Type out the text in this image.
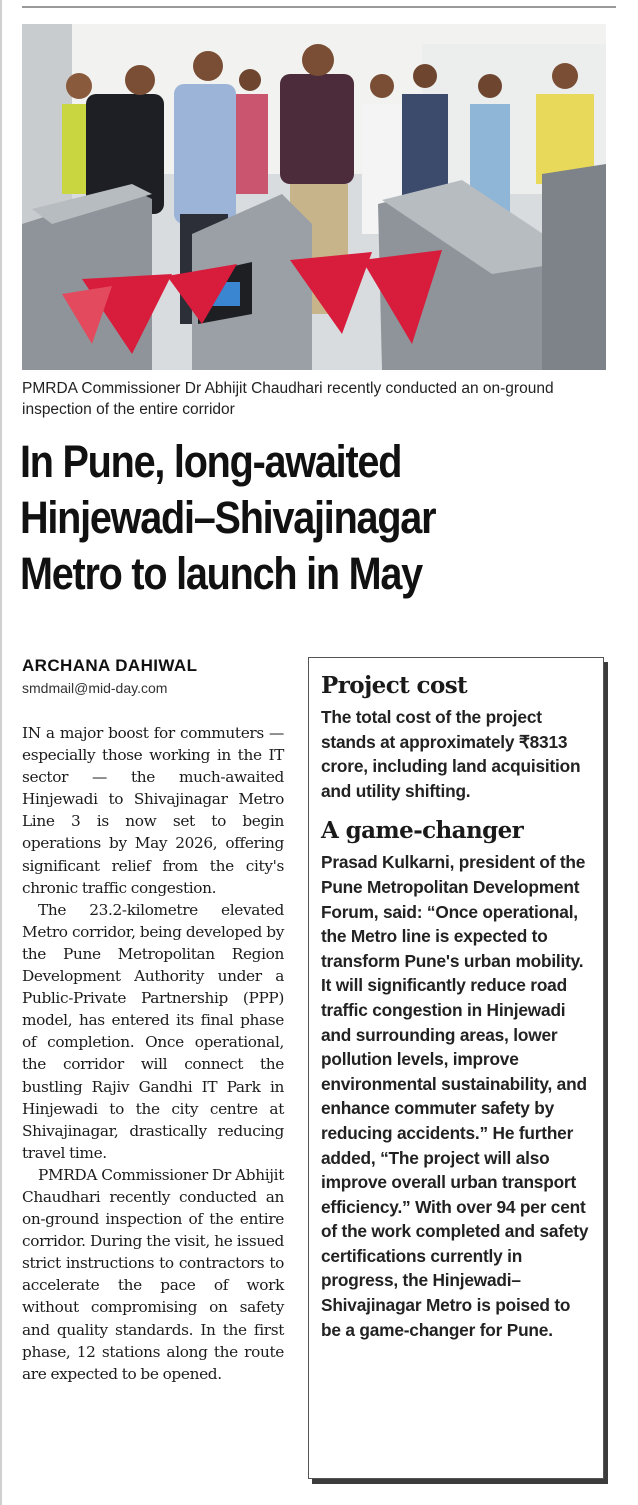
PMRDA Commissioner Dr Abhijit Chaudhari recently conducted an on-ground inspection of the entire corridor
In Pune, long-awaited
Hinjewadi–Shivajinagar
Metro to launch in May
ARCHANA DAHIWAL
smdmail@mid-day.com

IN a major boost for commuters — especially those working in the IT sector — the much-awaited Hinjewadi to Shivajinagar Metro Line 3 is now set to begin operations by May 2026, offering significant relief from the city's chronic traffic congestion.

The 23.2-kilometre elevated Metro corridor, being developed by the Pune Metropolitan Region Development Authority under a Public-Private Partnership (PPP) model, has entered its final phase of completion. Once operational, the corridor will connect the bustling Rajiv Gandhi IT Park in Hinjewadi to the city centre at Shivajinagar, drastically reducing travel time.

PMRDA Commissioner Dr Abhijit Chaudhari recently conducted an on-ground inspection of the entire corridor. During the visit, he issued strict instructions to contractors to accelerate the pace of work without compromising on safety and quality standards. In the first phase, 12 stations along the route are expected to be opened.

Project cost
The total cost of the project stands at approximately ₹8313 crore, including land acquisition and utility shifting.
A game-changer
Prasad Kulkarni, president of the Pune Metropolitan Development Forum, said: “Once operational, the Metro line is expected to transform Pune's urban mobility. It will significantly reduce road traffic congestion in Hinjewadi and surrounding areas, lower pollution levels, improve environmental sustainability, and enhance commuter safety by reducing accidents.” He further added, “The project will also improve overall urban transport efficiency.” With over 94 per cent of the work completed and safety certifications currently in progress, the Hinjewadi–Shivajinagar Metro is poised to be a game-changer for Pune.
